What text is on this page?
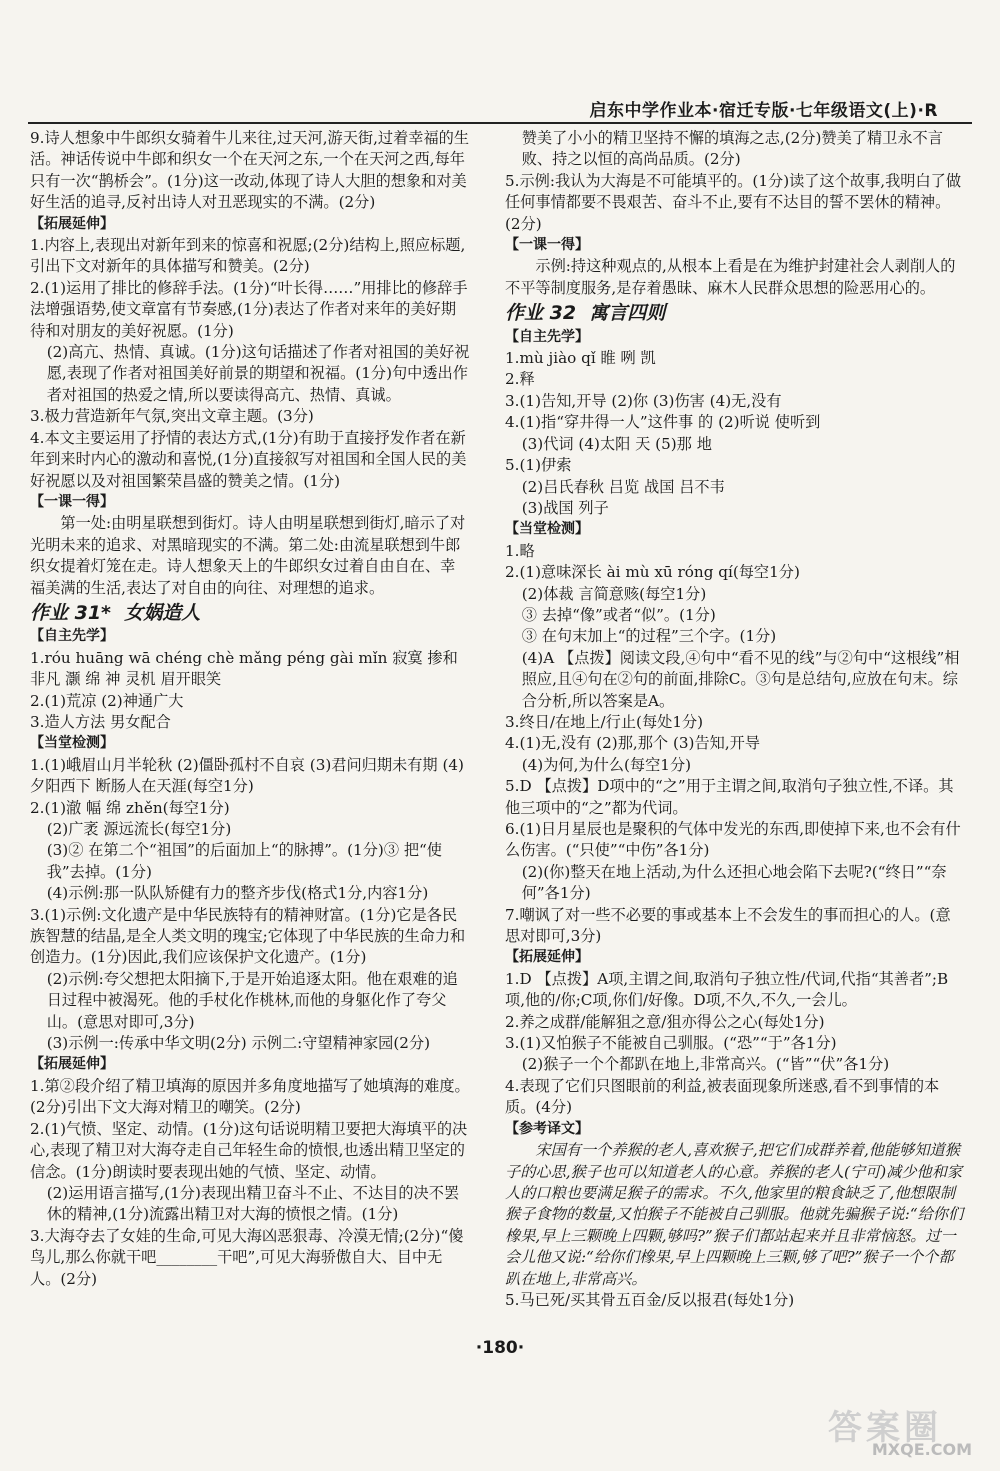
启东中学作业本·宿迁专版·七年级语文(上)·R

9.诗人想象中牛郎织女骑着牛儿来往,过天河,游天街,过着幸福的生活。神话传说中牛郎和织女一个在天河之东,一个在天河之西,每年只有一次“鹊桥会”。(1分)这一改动,体现了诗人大胆的想象和对美好生活的追寻,反衬出诗人对丑恶现实的不满。(2分)

【拓展延伸】

1.内容上,表现出对新年到来的惊喜和祝愿;(2分)结构上,照应标题,引出下文对新年的具体描写和赞美。(2分)

2.(1)运用了排比的修辞手法。(1分)“叶长得……”用排比的修辞手法增强语势,使文章富有节奏感,(1分)表达了作者对来年的美好期待和对朋友的美好祝愿。(1分)

(2)高亢、热情、真诚。(1分)这句话描述了作者对祖国的美好祝愿,表现了作者对祖国美好前景的期望和祝福。(1分)句中透出作者对祖国的热爱之情,所以要读得高亢、热情、真诚。

3.极力营造新年气氛,突出文章主题。(3分)

4.本文主要运用了抒情的表达方式,(1分)有助于直接抒发作者在新年到来时内心的激动和喜悦,(1分)直接叙写对祖国和全国人民的美好祝愿以及对祖国繁荣昌盛的赞美之情。(1分)

【一课一得】

第一处:由明星联想到街灯。诗人由明星联想到街灯,暗示了对光明未来的追求、对黑暗现实的不满。第二处:由流星联想到牛郎织女提着灯笼在走。诗人想象天上的牛郎织女过着自由自在、幸福美满的生活,表达了对自由的向往、对理想的追求。

作业 31*  女娲造人

【自主先学】

1.róu huāng wā chéng chè mǎng péng gài mǐn 寂寞 掺和 非凡 灏 绵 神 灵机 眉开眼笑

2.(1)荒凉 (2)神通广大

3.造人方法 男女配合

【当堂检测】

1.(1)峨眉山月半轮秋 (2)僵卧孤村不自哀 (3)君问归期未有期 (4)夕阳西下 断肠人在天涯(每空1分)

2.(1)澈 幅 绵 zhěn(每空1分)

(2)广袤 源远流长(每空1分)

(3)② 在第二个“祖国”的后面加上“的脉搏”。(1分)③ 把“使我”去掉。(1分)

(4)示例:那一队队矫健有力的整齐步伐(格式1分,内容1分)

3.(1)示例:文化遗产是中华民族特有的精神财富。(1分)它是各民族智慧的结晶,是全人类文明的瑰宝;它体现了中华民族的生命力和创造力。(1分)因此,我们应该保护文化遗产。(1分)

(2)示例:夸父想把太阳摘下,于是开始追逐太阳。他在艰难的追日过程中被渴死。他的手杖化作桃林,而他的身躯化作了夸父山。(意思对即可,3分)

(3)示例一:传承中华文明(2分) 示例二:守望精神家园(2分)

【拓展延伸】

1.第②段介绍了精卫填海的原因并多角度地描写了她填海的难度。(2分)引出下文大海对精卫的嘲笑。(2分)

2.(1)气愤、坚定、动情。(1分)这句话说明精卫要把大海填平的决心,表现了精卫对大海夺走自己年轻生命的愤恨,也透出精卫坚定的信念。(1分)朗读时要表现出她的气愤、坚定、动情。

(2)运用语言描写,(1分)表现出精卫奋斗不止、不达目的决不罢休的精神,(1分)流露出精卫对大海的愤恨之情。(1分)

3.大海夺去了女娃的生命,可见大海凶恶狠毒、冷漠无情;(2分)“傻鸟儿,那么你就干吧________干吧”,可见大海骄傲自大、目中无人。(2分)

赞美了小小的精卫坚持不懈的填海之志,(2分)赞美了精卫永不言败、持之以恒的高尚品质。(2分)

5.示例:我认为大海是不可能填平的。(1分)读了这个故事,我明白了做任何事情都要不畏艰苦、奋斗不止,要有不达目的誓不罢休的精神。(2分)

【一课一得】

示例:持这种观点的,从根本上看是在为维护封建社会人剥削人的不平等制度服务,是存着愚昧、麻木人民群众思想的险恶用心的。

作业 32  寓言四则

【自主先学】

1.mù jiào qǐ 睢 咧 凯

2.释

3.(1)告知,开导 (2)你 (3)伤害 (4)无,没有

4.(1)指“穿井得一人”这件事 的 (2)听说 使听到

(3)代词 (4)太阳 天 (5)那 地

5.(1)伊索

(2)吕氏春秋 吕览 战国 吕不韦

(3)战国 列子

【当堂检测】

1.略

2.(1)意味深长 ài mù xū róng qí(每空1分)

(2)体裁 言简意赅(每空1分)

③ 去掉“像”或者“似”。(1分)

③ 在句末加上“的过程”三个字。(1分)

(4)A 【点拨】阅读文段,④句中“看不见的线”与②句中“这根线”相照应,且④句在②句的前面,排除C。③句是总结句,应放在句末。综合分析,所以答案是A。

3.终日/在地上/行止(每处1分)

4.(1)无,没有 (2)那,那个 (3)告知,开导

(4)为何,为什么(每空1分)

5.D 【点拨】D项中的“之”用于主谓之间,取消句子独立性,不译。其他三项中的“之”都为代词。

6.(1)日月星辰也是聚积的气体中发光的东西,即使掉下来,也不会有什么伤害。(“只使”“中伤”各1分)

(2)(你)整天在地上活动,为什么还担心地会陷下去呢?(“终日”“奈何”各1分)

7.嘲讽了对一些不必要的事或基本上不会发生的事而担心的人。(意思对即可,3分)

【拓展延伸】

1.D 【点拨】A项,主谓之间,取消句子独立性/代词,代指“其善者”;B项,他的/你;C项,你们/好像。D项,不久,不久,一会儿。

2.养之成群/能解狙之意/狙亦得公之心(每处1分)

3.(1)又怕猴子不能被自己驯服。(“恐”“于”各1分)

(2)猴子一个个都趴在地上,非常高兴。(“皆”“伏”各1分)

4.表现了它们只图眼前的利益,被表面现象所迷惑,看不到事情的本质。(4分)

【参考译文】

宋国有一个养猴的老人,喜欢猴子,把它们成群养着,他能够知道猴子的心思,猴子也可以知道老人的心意。养猴的老人(宁可)减少他和家人的口粮也要满足猴子的需求。不久,他家里的粮食缺乏了,他想限制猴子食物的数量,又怕猴子不能被自己驯服。他就先骗猴子说:“给你们橡果,早上三颗晚上四颗,够吗?”猴子们都站起来并且非常恼怒。过一会儿他又说:“给你们橡果,早上四颗晚上三颗,够了吧?”猴子一个个都趴在地上,非常高兴。

5.马已死/买其骨五百金/反以报君(每处1分)

·180·
答案圈
MXQE.COM
